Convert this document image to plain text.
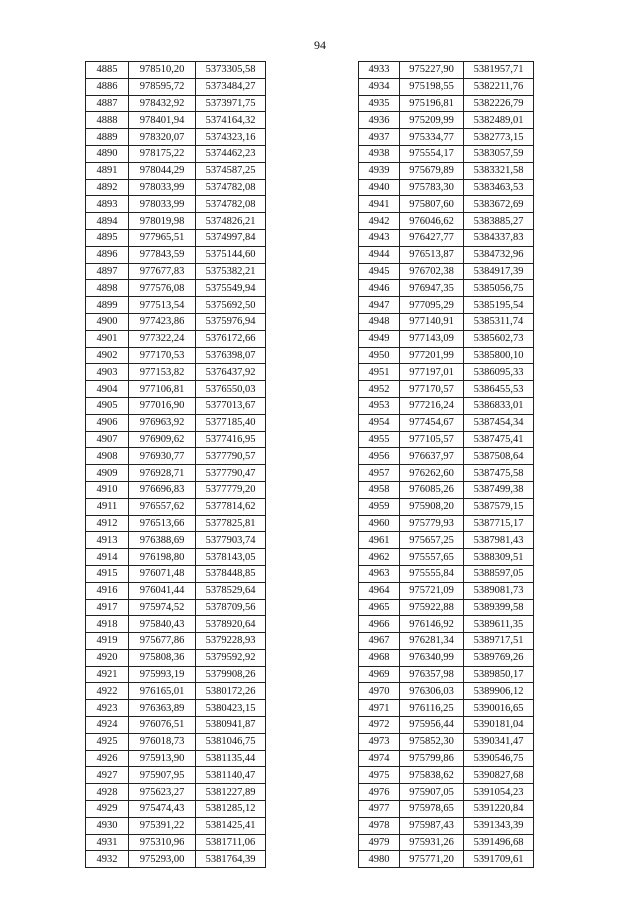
94
4885	978510,20	5373305,58
4886	978595,72	5373484,27
4887	978432,92	5373971,75
4888	978401,94	5374164,32
4889	978320,07	5374323,16
4890	978175,22	5374462,23
4891	978044,29	5374587,25
4892	978033,99	5374782,08
4893	978033,99	5374782,08
4894	978019,98	5374826,21
4895	977965,51	5374997,84
4896	977843,59	5375144,60
4897	977677,83	5375382,21
4898	977576,08	5375549,94
4899	977513,54	5375692,50
4900	977423,86	5375976,94
4901	977322,24	5376172,66
4902	977170,53	5376398,07
4903	977153,82	5376437,92
4904	977106,81	5376550,03
4905	977016,90	5377013,67
4906	976963,92	5377185,40
4907	976909,62	5377416,95
4908	976930,77	5377790,57
4909	976928,71	5377790,47
4910	976696,83	5377779,20
4911	976557,62	5377814,62
4912	976513,66	5377825,81
4913	976388,69	5377903,74
4914	976198,80	5378143,05
4915	976071,48	5378448,85
4916	976041,44	5378529,64
4917	975974,52	5378709,56
4918	975840,43	5378920,64
4919	975677,86	5379228,93
4920	975808,36	5379592,92
4921	975993,19	5379908,26
4922	976165,01	5380172,26
4923	976363,89	5380423,15
4924	976076,51	5380941,87
4925	976018,73	5381046,75
4926	975913,90	5381135,44
4927	975907,95	5381140,47
4928	975623,27	5381227,89
4929	975474,43	5381285,12
4930	975391,22	5381425,41
4931	975310,96	5381711,06
4932	975293,00	5381764,39
4933	975227,90	5381957,71
4934	975198,55	5382211,76
4935	975196,81	5382226,79
4936	975209,99	5382489,01
4937	975334,77	5382773,15
4938	975554,17	5383057,59
4939	975679,89	5383321,58
4940	975783,30	5383463,53
4941	975807,60	5383672,69
4942	976046,62	5383885,27
4943	976427,77	5384337,83
4944	976513,87	5384732,96
4945	976702,38	5384917,39
4946	976947,35	5385056,75
4947	977095,29	5385195,54
4948	977140,91	5385311,74
4949	977143,09	5385602,73
4950	977201,99	5385800,10
4951	977197,01	5386095,33
4952	977170,57	5386455,53
4953	977216,24	5386833,01
4954	977454,67	5387454,34
4955	977105,57	5387475,41
4956	976637,97	5387508,64
4957	976262,60	5387475,58
4958	976085,26	5387499,38
4959	975908,20	5387579,15
4960	975779,93	5387715,17
4961	975657,25	5387981,43
4962	975557,65	5388309,51
4963	975555,84	5388597,05
4964	975721,09	5389081,73
4965	975922,88	5389399,58
4966	976146,92	5389611,35
4967	976281,34	5389717,51
4968	976340,99	5389769,26
4969	976357,98	5389850,17
4970	976306,03	5389906,12
4971	976116,25	5390016,65
4972	975956,44	5390181,04
4973	975852,30	5390341,47
4974	975799,86	5390546,75
4975	975838,62	5390827,68
4976	975907,05	5391054,23
4977	975978,65	5391220,84
4978	975987,43	5391343,39
4979	975931,26	5391496,68
4980	975771,20	5391709,61
